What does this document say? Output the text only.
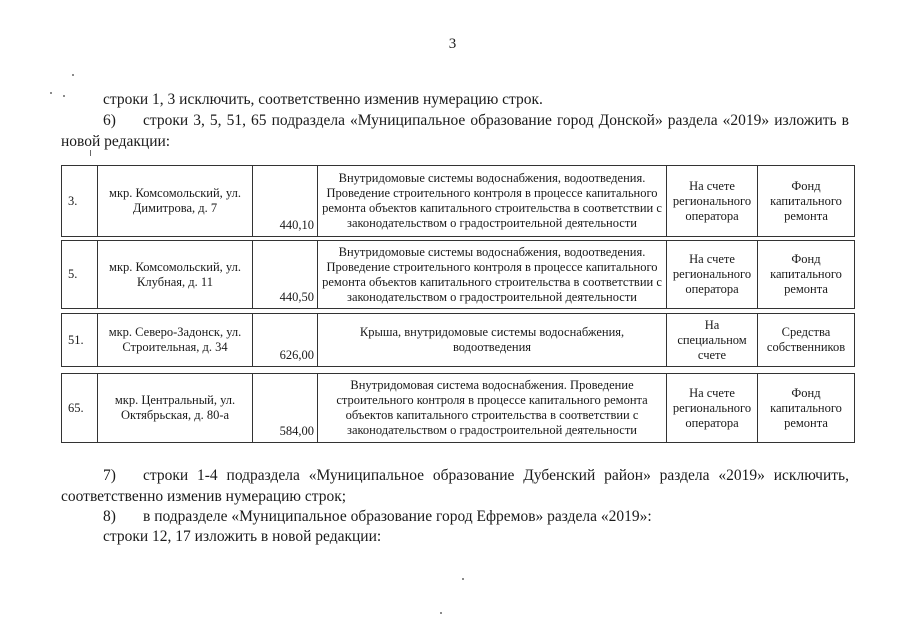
3
строки 1, 3 исключить, соответственно изменив нумерацию строк.
6) строки 3, 5, 51, 65 подраздела «Муниципальное образование город Донской» раздела «2019» изложить в
новой редакции:
3.	мкр. Комсомольский, ул. Димитрова, д. 7	440,10	Внутридомовые системы водоснабжения, водоотведения. Проведение строительного контроля в процессе капитального ремонта объектов капитального строительства в соответствии с законодательством о градостроительной деятельности	На счете регионального оператора	Фонд капитального ремонта
5.	мкр. Комсомольский, ул. Клубная, д. 11	440,50	Внутридомовые системы водоснабжения, водоотведения. Проведение строительного контроля в процессе капитального ремонта объектов капитального строительства в соответствии с законодательством о градостроительной деятельности	На счете регионального оператора	Фонд капитального ремонта
51.	мкр. Северо-Задонск, ул. Строительная, д. 34	626,00	Крыша, внутридомовые системы водоснабжения, водоотведения	На специальном счете	Средства собственников
65.	мкр. Центральный, ул. Октябрьская, д. 80-а	584,00	Внутридомовая система водоснабжения. Проведение строительного контроля в процессе капитального ремонта объектов капитального строительства в соответствии с законодательством о градостроительной деятельности	На счете регионального оператора	Фонд капитального ремонта
7) строки 1-4 подраздела «Муниципальное образование Дубенский район» раздела «2019» исключить,
соответственно изменив нумерацию строк;
8) в подразделе «Муниципальное образование город Ефремов» раздела «2019»:
строки 12, 17 изложить в новой редакции:
